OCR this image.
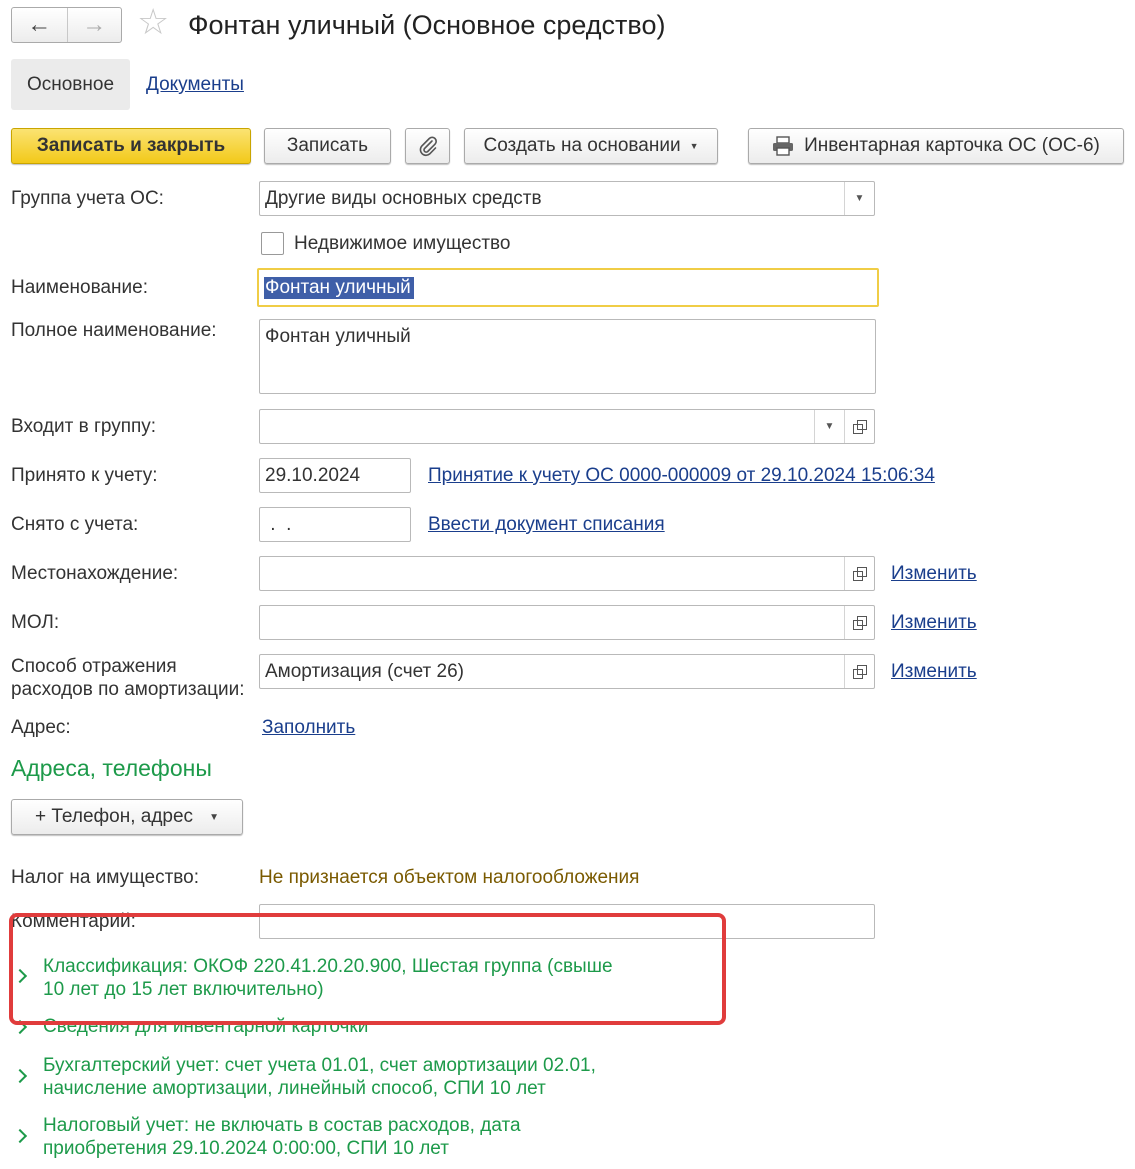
← → ☆ Фонтан уличный (Основное средство)
Основное Документы
Записать и закрыть	Записать	Создать на основании ▼	Инвентарная карточка ОС (ОС-6)
Группа учета ОС:	Другие виды основных средств	▼
Недвижимое имущество
Наименование:	Фонтан уличный
Полное наименование:	Фонтан уличный
Входит в группу:	▼
Принято к учету:	29.10.2024	Принятие к учету ОС 0000-000009 от 29.10.2024 15:06:34
Снято с учета:	.  .	Ввести документ списания
Местонахождение:	Изменить
МОЛ:	Изменить
Способ отражения
расходов по амортизации:
Амортизация (счет 26)	Изменить
Адрес:	Заполнить
Адреса, телефоны
+ Телефон, адрес ▼
Налог на имущество:	Не признается объектом налогообложения
Комментарий:
Классификация: ОКОФ 220.41.20.20.900, Шестая группа (свыше
10 лет до 15 лет включительно)
Сведения для инвентарной карточки
Бухгалтерский учет: счет учета 01.01, счет амортизации 02.01,
начисление амортизации, линейный способ, СПИ 10 лет
Налоговый учет: не включать в состав расходов, дата
приобретения 29.10.2024 0:00:00, СПИ 10 лет
